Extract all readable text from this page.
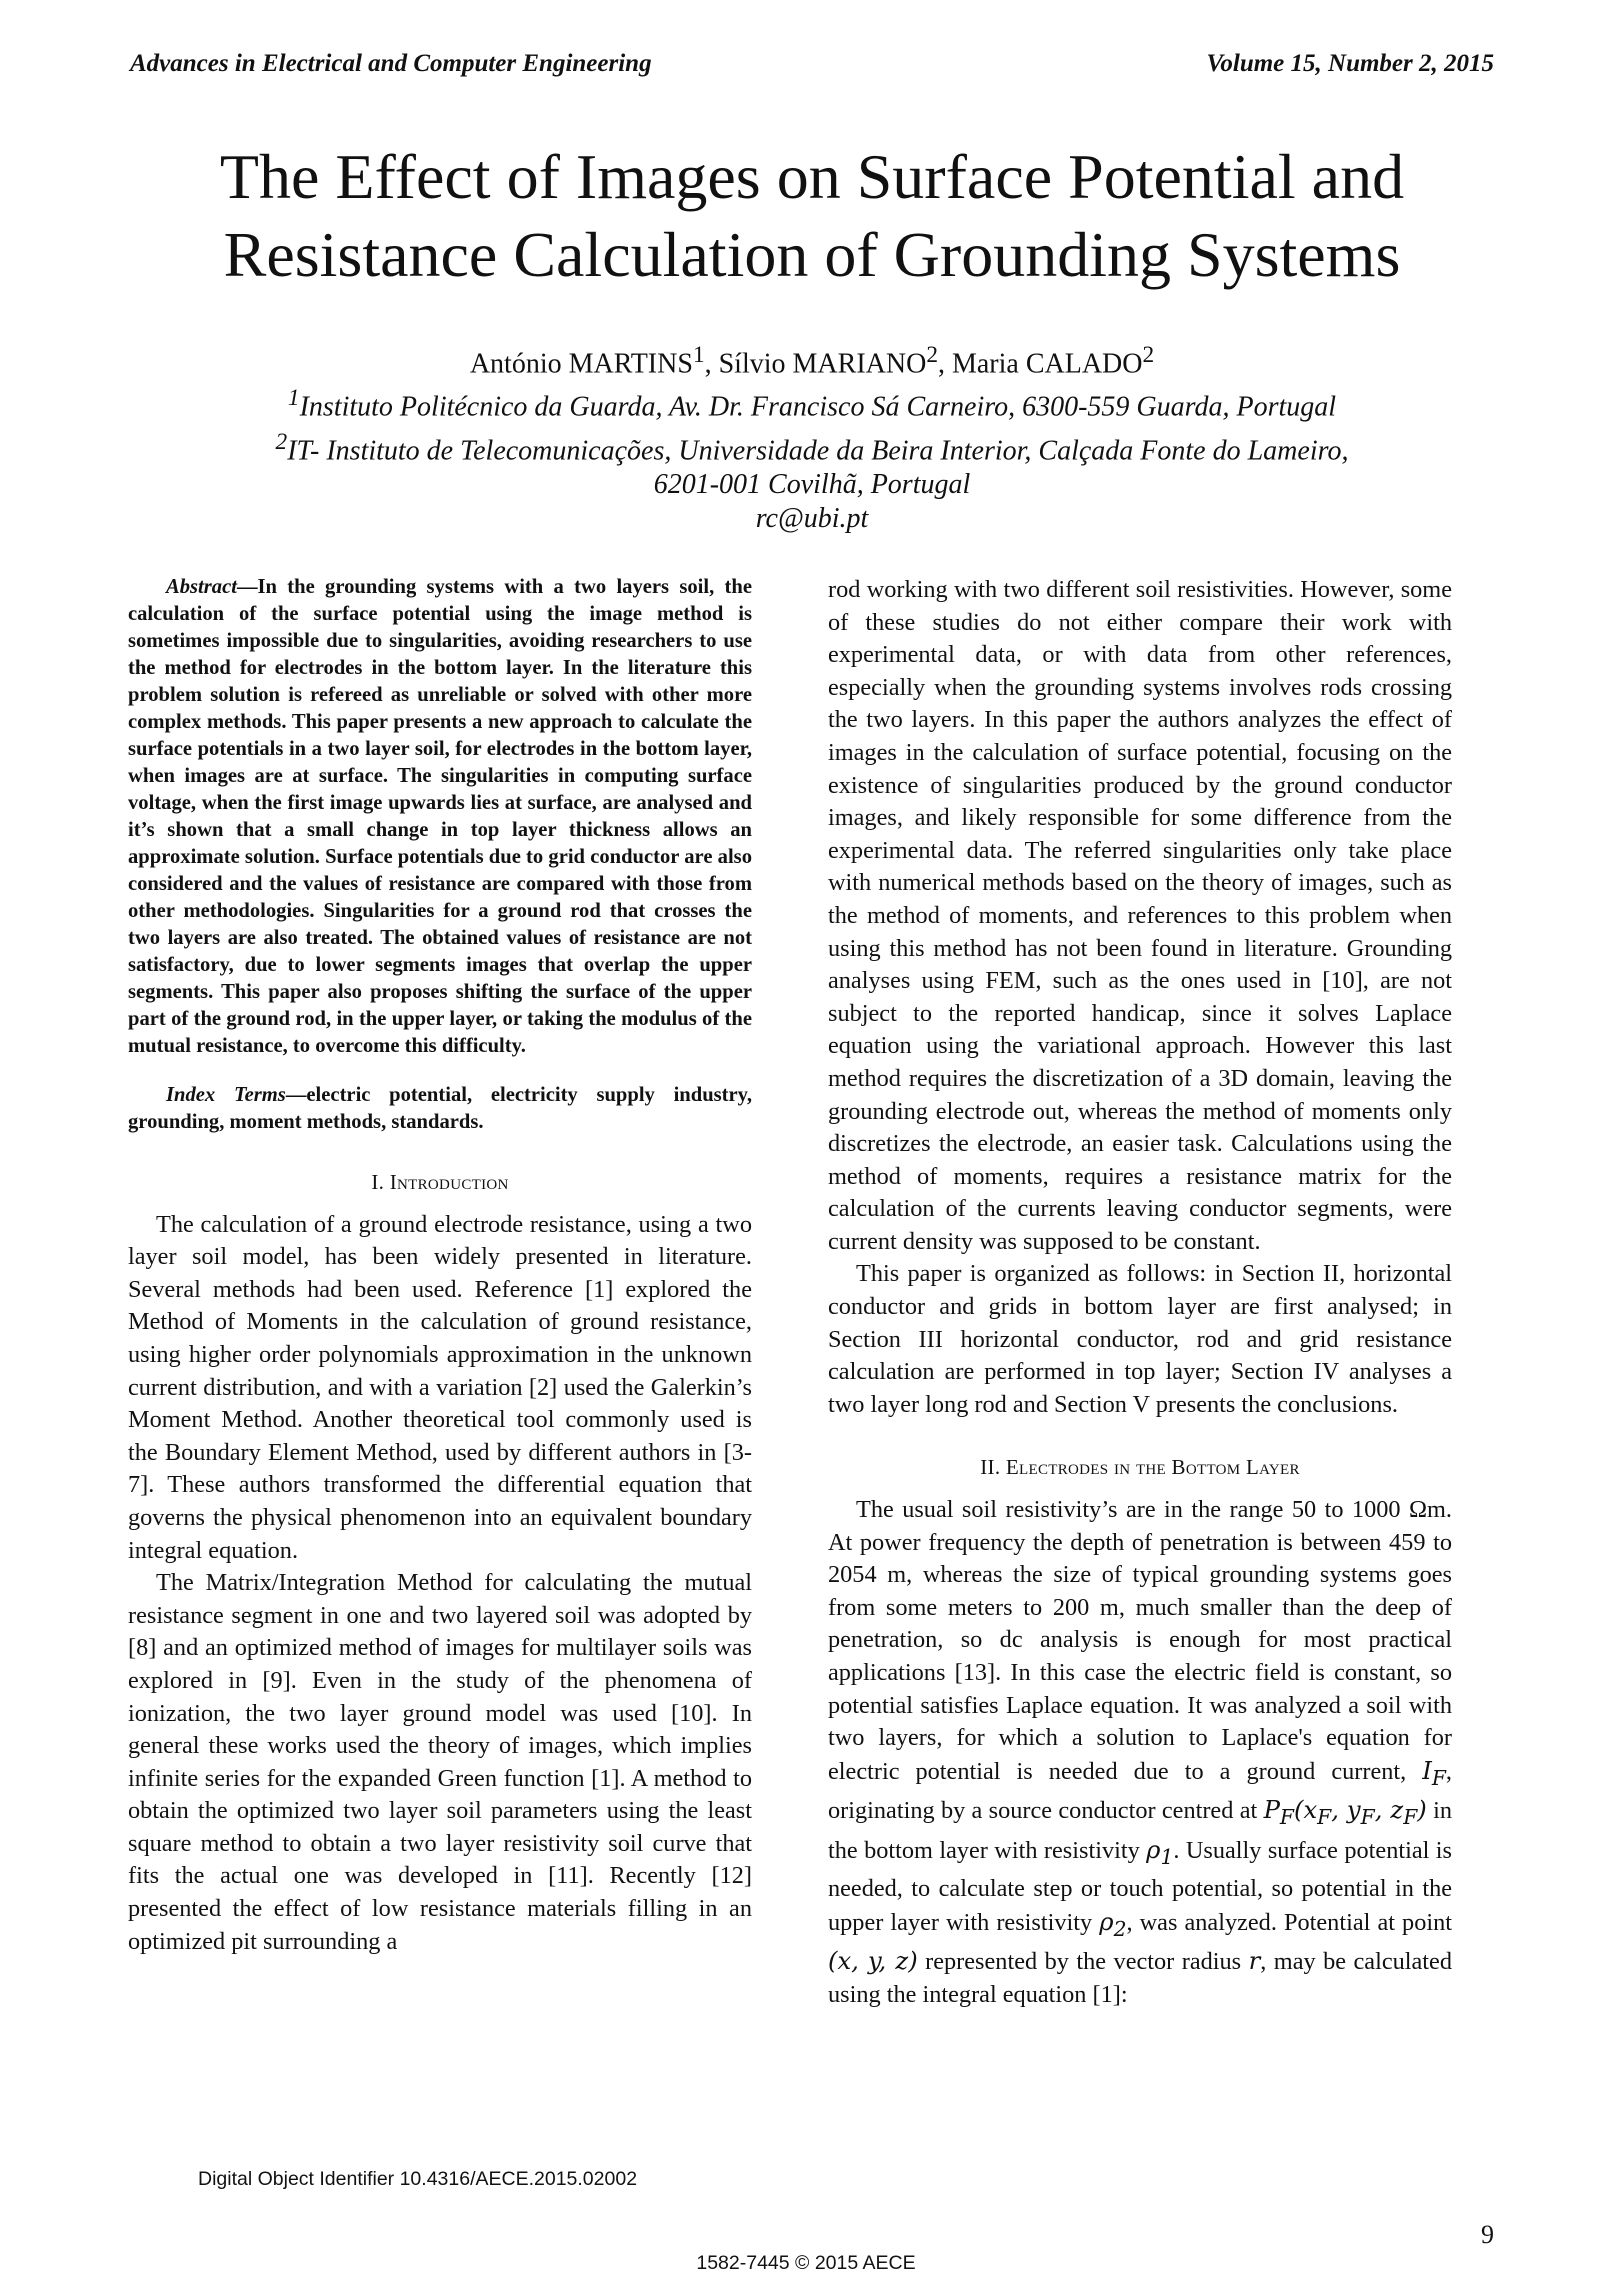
Advances in Electrical and Computer Engineering	Volume 15, Number 2, 2015
The Effect of Images on Surface Potential and
Resistance Calculation of Grounding Systems
António MARTINS$^1$, Sílvio MARIANO$^2$, Maria CALADO$^2$
$^1$Instituto Politécnico da Guarda, Av. Dr. Francisco Sá Carneiro, 6300-559 Guarda, Portugal
$^2$IT- Instituto de Telecomunicações, Universidade da Beira Interior, Calçada Fonte do Lameiro,
6201-001 Covilhã, Portugal
rc@ubi.pt

Abstract—In the grounding systems with a two layers soil, the calculation of the surface potential using the image method is sometimes impossible due to singularities, avoiding researchers to use the method for electrodes in the bottom layer. In the literature this problem solution is refereed as unreliable or solved with other more complex methods. This paper presents a new approach to calculate the surface potentials in a two layer soil, for electrodes in the bottom layer, when images are at surface. The singularities in computing surface voltage, when the first image upwards lies at surface, are analysed and it’s shown that a small change in top layer thickness allows an approximate solution. Surface potentials due to grid conductor are also considered and the values of resistance are compared with those from other methodologies. Singularities for a ground rod that crosses the two layers are also treated. The obtained values of resistance are not satisfactory, due to lower segments images that overlap the upper segments. This paper also proposes shifting the surface of the upper part of the ground rod, in the upper layer, or taking the modulus of the mutual resistance, to overcome this difficulty.

Index Terms—electric potential, electricity supply industry, grounding, moment methods, standards.

I. Introduction

The calculation of a ground electrode resistance, using a two layer soil model, has been widely presented in literature. Several methods had been used. Reference [1] explored the Method of Moments in the calculation of ground resistance, using higher order polynomials approximation in the unknown current distribution, and with a variation [2] used the Galerkin’s Moment Method. Another theoretical tool commonly used is the Boundary Element Method, used by different authors in [3-7]. These authors transformed the differential equation that governs the physical phenomenon into an equivalent boundary integral equation.

The Matrix/Integration Method for calculating the mutual resistance segment in one and two layered soil was adopted by [8] and an optimized method of images for multilayer soils was explored in [9]. Even in the study of the phenomena of ionization, the two layer ground model was used [10]. In general these works used the theory of images, which implies infinite series for the expanded Green function [1]. A method to obtain the optimized two layer soil parameters using the least square method to obtain a two layer resistivity soil curve that fits the actual one was developed in [11]. Recently [12] presented the effect of low resistance materials filling in an optimized pit surrounding a

rod working with two different soil resistivities. However, some of these studies do not either compare their work with experimental data, or with data from other references, especially when the grounding systems involves rods crossing the two layers. In this paper the authors analyzes the effect of images in the calculation of surface potential, focusing on the existence of singularities produced by the ground conductor images, and likely responsible for some difference from the experimental data. The referred singularities only take place with numerical methods based on the theory of images, such as the method of moments, and references to this problem when using this method has not been found in literature. Grounding analyses using FEM, such as the ones used in [10], are not subject to the reported handicap, since it solves Laplace equation using the variational approach. However this last method requires the discretization of a 3D domain, leaving the grounding electrode out, whereas the method of moments only discretizes the electrode, an easier task. Calculations using the method of moments, requires a resistance matrix for the calculation of the currents leaving conductor segments, were current density was supposed to be constant.

This paper is organized as follows: in Section II, horizontal conductor and grids in bottom layer are first analysed; in Section III horizontal conductor, rod and grid resistance calculation are performed in top layer; Section IV analyses a two layer long rod and Section V presents the conclusions.

II. Electrodes in the Bottom Layer

The usual soil resistivity’s are in the range 50 to 1000 Ωm. At power frequency the depth of penetration is between 459 to 2054 m, whereas the size of typical grounding systems goes from some meters to 200 m, much smaller than the deep of penetration, so dc analysis is enough for most practical applications [13]. In this case the electric field is constant, so potential satisfies Laplace equation. It was analyzed a soil with two layers, for which a solution to Laplace's equation for electric potential is needed due to a ground current, $I_F$, originating by a source conductor centred at $P_F(x_F$, $y_F$, $z_F$) in the bottom layer with resistivity $\rho_1$. Usually surface potential is needed, to calculate step or touch potential, so potential in the upper layer with resistivity $\rho_2$, was analyzed. Potential at point (x, y, z) represented by the vector radius r, may be calculated using the integral equation [1]:

Digital Object Identifier 10.4316/AECE.2015.02002
9
1582-7445 © 2015 AECE
